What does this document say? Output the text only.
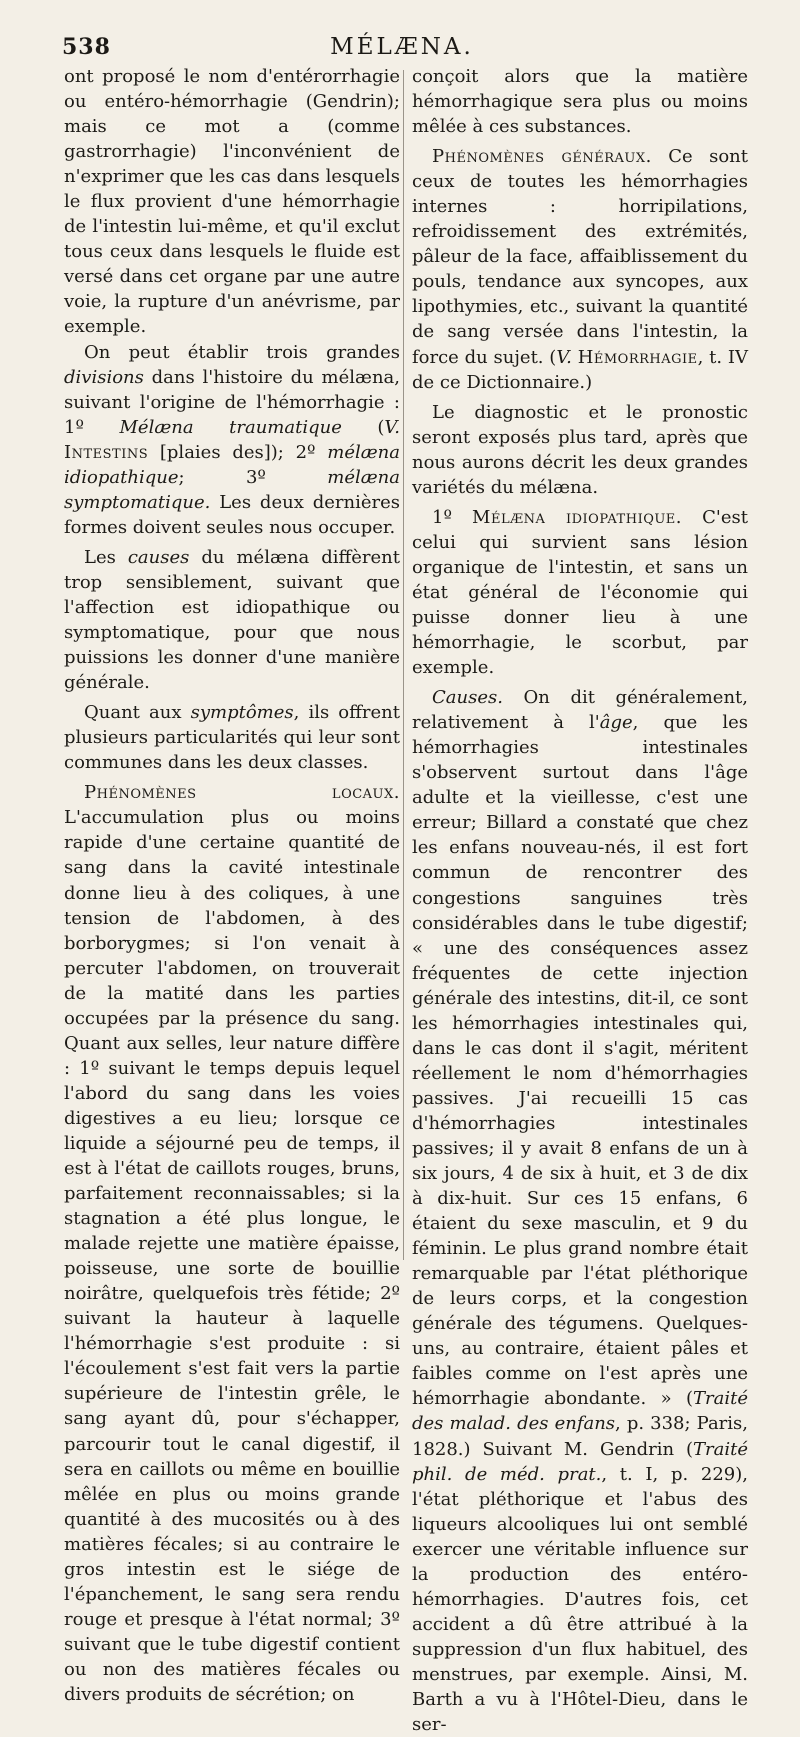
538	MÉLÆNA.

ont proposé le nom d'entérorrhagie ou entéro-hémorrhagie (Gendrin); mais ce mot a (comme gastrorrhagie) l'inconvénient de n'exprimer que les cas dans lesquels le flux provient d'une hémorrhagie de l'intestin lui-même, et qu'il exclut tous ceux dans lesquels le fluide est versé dans cet organe par une autre voie, la rupture d'un anévrisme, par exemple.

On peut établir trois grandes divisions dans l'histoire du mélæna, suivant l'origine de l'hémorrhagie : 1º Mélæna traumatique (V. Intestins [plaies des]); 2º mélæna idiopathique; 3º mélæna symptomatique. Les deux dernières formes doivent seules nous occuper.

Les causes du mélæna diffèrent trop sensiblement, suivant que l'affection est idiopathique ou symptomatique, pour que nous puissions les donner d'une manière générale.

Quant aux symptômes, ils offrent plusieurs particularités qui leur sont communes dans les deux classes.

Phénomènes locaux. L'accumulation plus ou moins rapide d'une certaine quantité de sang dans la cavité intestinale donne lieu à des coliques, à une tension de l'abdomen, à des borborygmes; si l'on venait à percuter l'abdomen, on trouverait de la matité dans les parties occupées par la présence du sang. Quant aux selles, leur nature diffère : 1º suivant le temps depuis lequel l'abord du sang dans les voies digestives a eu lieu; lorsque ce liquide a séjourné peu de temps, il est à l'état de caillots rouges, bruns, parfaitement reconnaissables; si la stagnation a été plus longue, le malade rejette une matière épaisse, poisseuse, une sorte de bouillie noirâtre, quelquefois très fétide; 2º suivant la hauteur à laquelle l'hémorrhagie s'est produite : si l'écoulement s'est fait vers la partie supérieure de l'intestin grêle, le sang ayant dû, pour s'échapper, parcourir tout le canal digestif, il sera en caillots ou même en bouillie mêlée en plus ou moins grande quantité à des mucosités ou à des matières fécales; si au contraire le gros intestin est le siége de l'épanchement, le sang sera rendu rouge et presque à l'état normal; 3º suivant que le tube digestif contient ou non des matières fécales ou divers produits de sécrétion; on

conçoit alors que la matière hémorrhagique sera plus ou moins mêlée à ces substances.

Phénomènes généraux. Ce sont ceux de toutes les hémorrhagies internes : horripilations, refroidissement des extrémités, pâleur de la face, affaiblissement du pouls, tendance aux syncopes, aux lipothymies, etc., suivant la quantité de sang versée dans l'intestin, la force du sujet. (V. Hémorrhagie, t. IV de ce Dictionnaire.)

Le diagnostic et le pronostic seront exposés plus tard, après que nous aurons décrit les deux grandes variétés du mélæna.

1º Mélæna idiopathique. C'est celui qui survient sans lésion organique de l'intestin, et sans un état général de l'économie qui puisse donner lieu à une hémorrhagie, le scorbut, par exemple.

Causes. On dit généralement, relativement à l'âge, que les hémorrhagies intestinales s'observent surtout dans l'âge adulte et la vieillesse, c'est une erreur; Billard a constaté que chez les enfans nouveau-nés, il est fort commun de rencontrer des congestions sanguines très considérables dans le tube digestif; « une des conséquences assez fréquentes de cette injection générale des intestins, dit-il, ce sont les hémorrhagies intestinales qui, dans le cas dont il s'agit, méritent réellement le nom d'hémorrhagies passives. J'ai recueilli 15 cas d'hémorrhagies intestinales passives; il y avait 8 enfans de un à six jours, 4 de six à huit, et 3 de dix à dix-huit. Sur ces 15 enfans, 6 étaient du sexe masculin, et 9 du féminin. Le plus grand nombre était remarquable par l'état pléthorique de leurs corps, et la congestion générale des tégumens. Quelques-uns, au contraire, étaient pâles et faibles comme on l'est après une hémorrhagie abondante. » (Traité des malad. des enfans, p. 338; Paris, 1828.) Suivant M. Gendrin (Traité phil. de méd. prat., t. I, p. 229), l'état pléthorique et l'abus des liqueurs alcooliques lui ont semblé exercer une véritable influence sur la production des entéro-hémorrhagies. D'autres fois, cet accident a dû être attribué à la suppression d'un flux habituel, des menstrues, par exemple. Ainsi, M. Barth a vu à l'Hôtel-Dieu, dans le ser-
